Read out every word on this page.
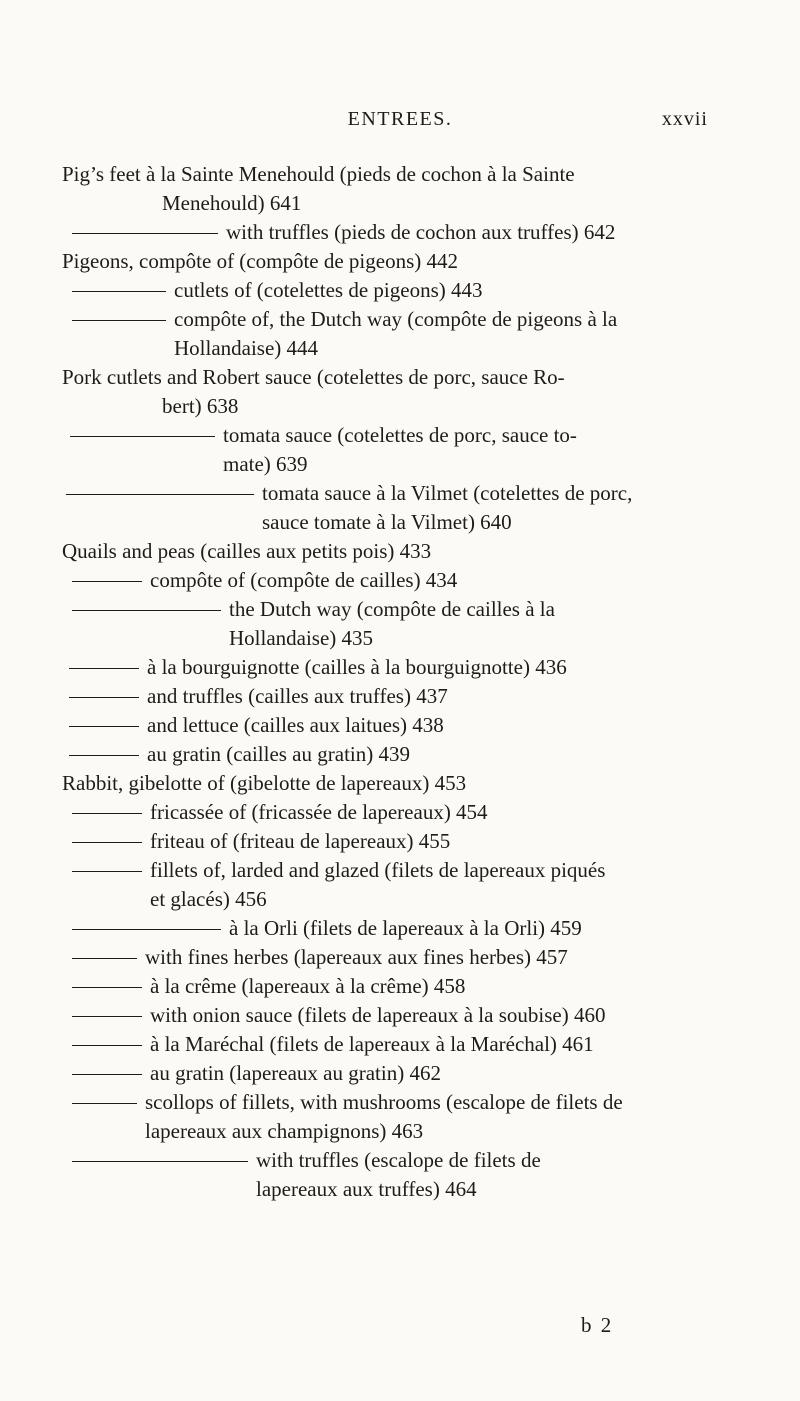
ENTREES.	xxvii
Pig’s feet à la Sainte Menehould (pieds de cochon à la Sainte
Menehould) 641
with truffles (pieds de cochon aux truffes) 642
Pigeons, compôte of (compôte de pigeons) 442
cutlets of (cotelettes de pigeons) 443
compôte of, the Dutch way (compôte de pigeons à la
Hollandaise) 444
Pork cutlets and Robert sauce (cotelettes de porc, sauce Ro-
bert) 638
tomata sauce (cotelettes de porc, sauce to-
mate) 639
tomata sauce à la Vilmet (cotelettes de porc,
sauce tomate à la Vilmet) 640
Quails and peas (cailles aux petits pois) 433
compôte of (compôte de cailles) 434
the Dutch way (compôte de cailles à la
Hollandaise) 435
à la bourguignotte (cailles à la bourguignotte) 436
and truffles (cailles aux truffes) 437
and lettuce (cailles aux laitues) 438
au gratin (cailles au gratin) 439
Rabbit, gibelotte of (gibelotte de lapereaux) 453
fricassée of (fricassée de lapereaux) 454
friteau of (friteau de lapereaux) 455
fillets of, larded and glazed (filets de lapereaux piqués
et glacés) 456
à la Orli (filets de lapereaux à la Orli) 459
with fines herbes (lapereaux aux fines herbes) 457
à la crême (lapereaux à la crême) 458
with onion sauce (filets de lapereaux à la soubise) 460
à la Maréchal (filets de lapereaux à la Maréchal) 461
au gratin (lapereaux au gratin) 462
scollops of fillets, with mushrooms (escalope de filets de
lapereaux aux champignons) 463
with truffles (escalope de filets de
lapereaux aux truffes) 464
b 2
